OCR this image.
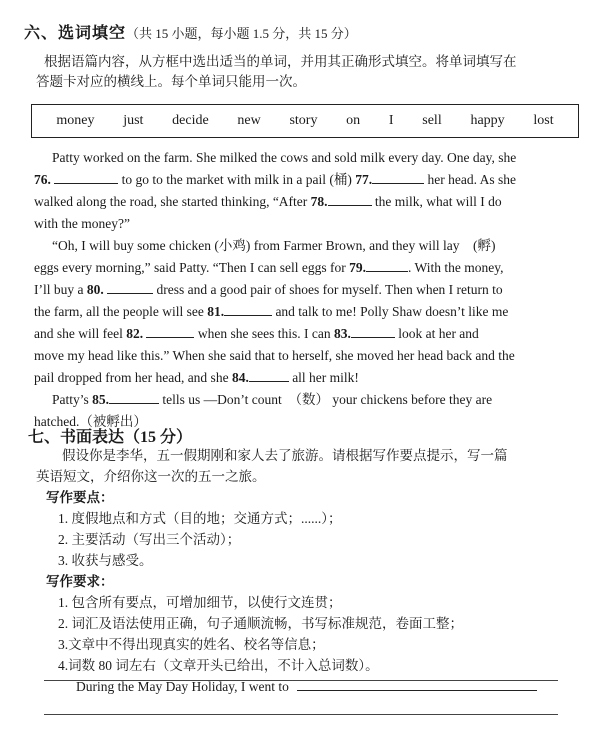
六、选词填空（共 15 小题，每小题 1.5 分，共 15 分）
根据语篇内容，从方框中选出适当的单词，并用其正确形式填空。将单词填写在
答题卡对应的横线上。每个单词只能用一次。
money just decide new story on I sell happy lost
Patty worked on the farm. She milked the cows and sold milk every day. One day, she
76.	to go to the market with milk in a pail (桶) 77.	her head. As she
walked along the road, she started thinking, “After 78.	the milk, what will I do
with the money?”
“Oh, I will buy some chicken (小鸡) from Farmer Brown, and they will lay　(孵)
eggs every morning,” said Patty. “Then I can sell eggs for 79.	. With the money,
I’ll buy a 80.	dress and a good pair of shoes for myself. Then when I return to
the farm, all the people will see 81.	and talk to me! Polly Shaw doesn’t like me
and she will feel 82.	when she sees this. I can 83.	look at her and
move my head like this.” When she said that to herself, she moved her head back and the
pail dropped from her head, and she 84.	all her milk!
Patty’s 85.	tells us —Don’t count　（数） your chickens before they are
hatched.（被孵出）
七、书面表达（15 分）
假设你是李华，五一假期刚和家人去了旅游。请根据写作要点提示，写一篇
英语短文，介绍你这一次的五一之旅。
写作要点：
1. 度假地点和方式（目的地；交通方式；......）；
2. 主要活动（写出三个活动）；
3. 收获与感受。
写作要求：
1. 包含所有要点，可增加细节，以使行文连贯；
2. 词汇及语法使用正确，句子通顺流畅，书写标准规范，卷面工整；
3.文章中不得出现真实的姓名、校名等信息；
4.词数 80 词左右（文章开头已给出，不计入总词数）。
During the May Day Holiday, I went to
